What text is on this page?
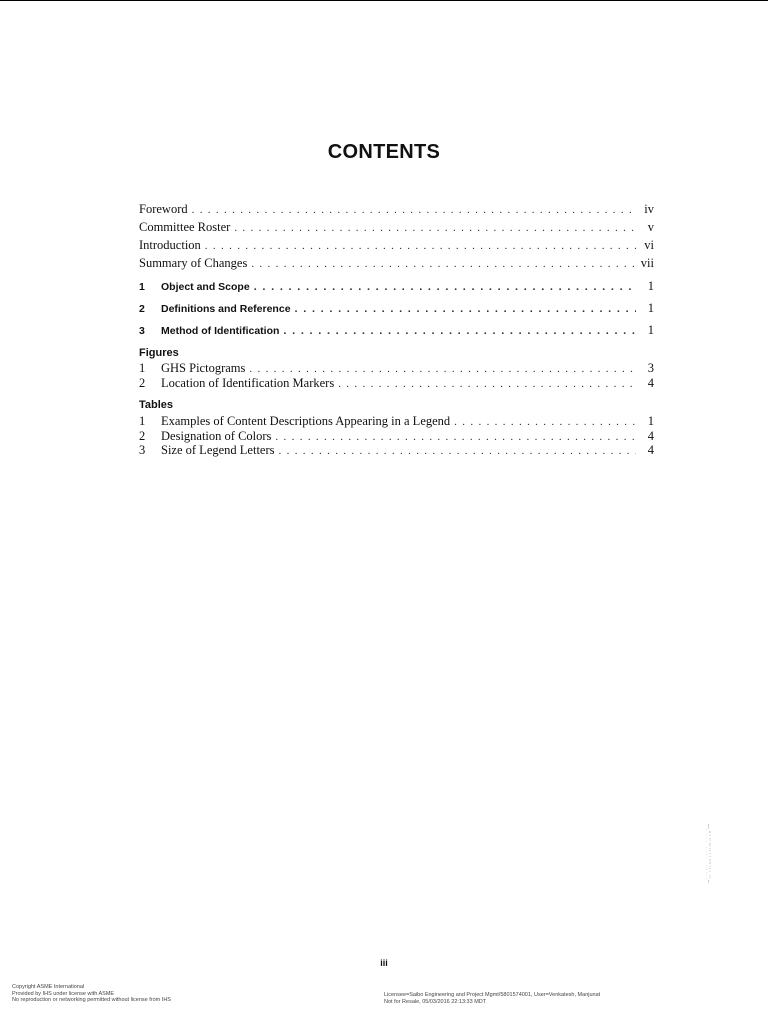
CONTENTS
Foreword . . .	iv
Committee Roster . . .	v
Introduction . . .	vi
Summary of Changes . . .	vii
1	Object and Scope . . .	1
2	Definitions and Reference . . .	1
3	Method of Identification . . .	1
Figures
1	GHS Pictograms . . .	3
2	Location of Identification Markers . . .	4
Tables
1	Examples of Content Descriptions Appearing in a Legend . . .	1
2	Designation of Colors . . .	4
3	Size of Legend Letters . . .	4
--`,,``,`,,`,,,,`,`,`,,`,,,`,,`,`,,`---
iii
Copyright ASME International
Provided by IHS under license with ASME
No reproduction or networking permitted without license from IHS
Licensee=Saibo Engineering and Project Mgmt/5801574001, User=Venkatesh, Manjunat
Not for Resale, 05/03/2016 22:13:33 MDT
